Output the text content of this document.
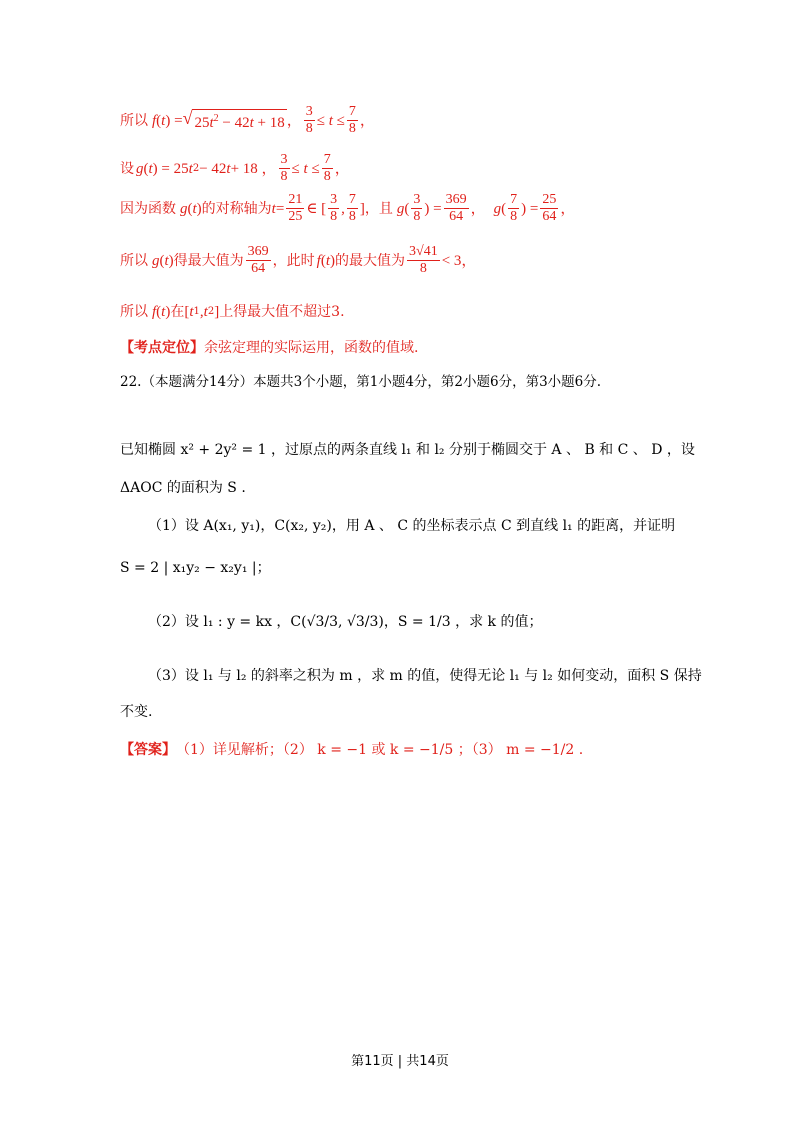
所以 f ( t ) = √ $25t^2 - 42t + 18$ ， $\frac{3}{8} \le t \le \frac{7}{8}$ ，
设 g ( t ) = 25 t 2 − 42 t + 18 ， $\frac{3}{8} \le t \le \frac{7}{8}$ ，
因为函数 g ( t ) 的对称轴为 $t = \frac{21}{25}$ ∈ [ $\frac{3}{8}$ , $\frac{7}{8}$ ] ，且 g ( $\frac{3}{8}$ ) = $\frac{369}{64}$ ， g ( $\frac{7}{8}$ ) = $\frac{25}{64}$ ，
所以 g ( t ) 得最大值为 $\frac{369}{64}$ ，此时 f ( t ) 的最大值为 $\frac{3√41}{8} < 3$，
所以 f ( t ) 在 [ t 1 , t 2 ] 上得最大值不超过3.
【考点定位】 余弦定理的实际运用，函数的值域.
22.（本题满分14分）本题共3个小题，第1小题4分，第2小题6分，第3小题6分.
已知椭圆 x² + 2y² = 1 ，过原点的两条直线 l₁ 和 l₂ 分别于椭圆交于 A 、 B 和 C 、 D ，设
ΔAOC 的面积为 S .
（1）设 A(x₁, y₁)，C(x₂, y₂)，用 A 、 C 的坐标表示点 C 到直线 l₁ 的距离，并证明
S = 2 | x₁y₂ − x₂y₁ |；
（2）设 l₁ : y = kx ，C(√3/3, √3/3)，S = 1/3 ，求 k 的值；
（3）设 l₁ 与 l₂ 的斜率之积为 m ，求 m 的值，使得无论 l₁ 与 l₂ 如何变动，面积 S 保持
不变.
【答案】 （1）详见解析；（2） k = −1 或 k = −1/5 ；（3） m = −1/2 .
第11页 | 共14页
